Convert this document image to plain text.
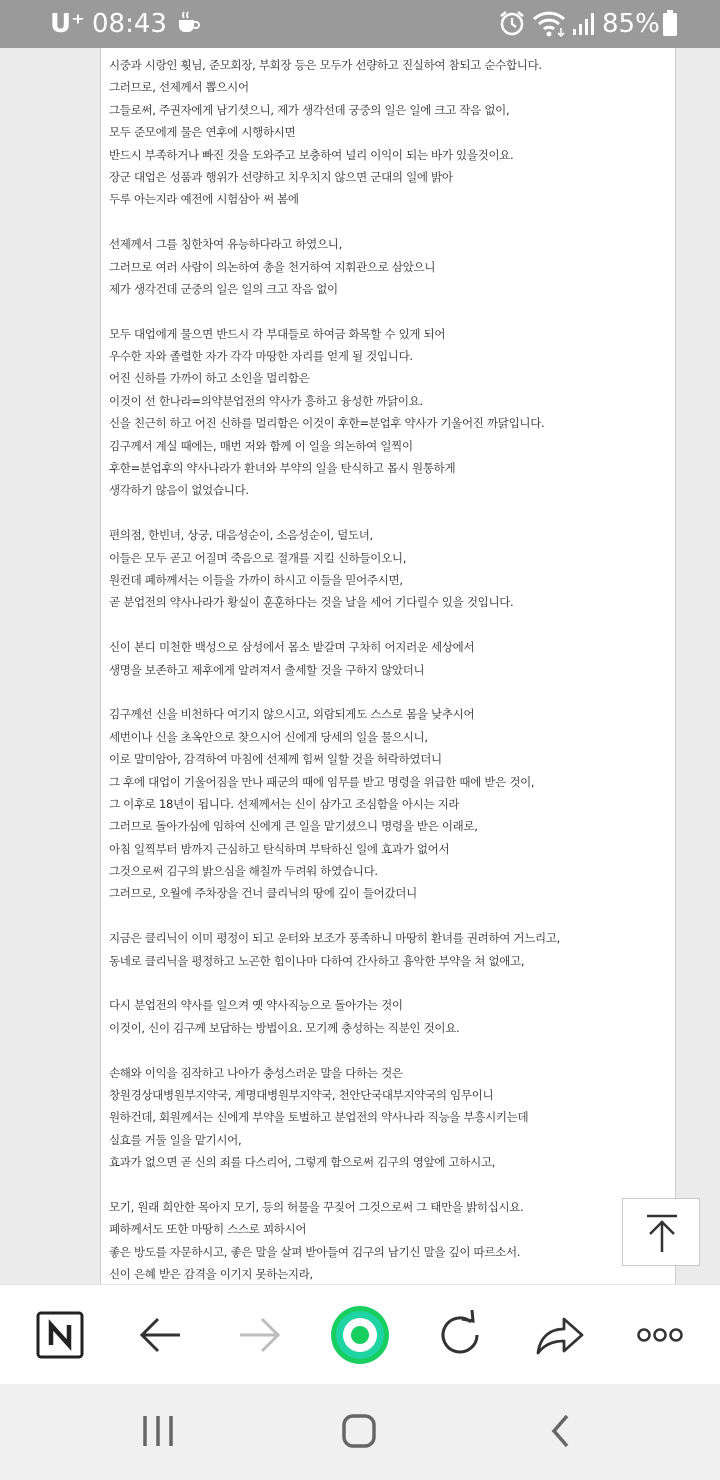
U⁺ 08:43	85%
시중과 시랑인 휫님, 준모회장, 부회장 등은 모두가 선량하고 진실하여 참되고 순수합니다.
그러므로, 선제께서 뽑으시어
그들로써, 주권자에게 남기셧으니, 제가 생각선데 궁중의 일은 일에 크고 작음 없이,
모두 준모에게 물은 연후에 시행하시면
반드시 부족하거나 빠진 것을 도와주고 보충하여 널리 이익이 되는 바가 있을것이요.
장군 대업은 성품과 행위가 선량하고 치우치지 않으면 군대의 일에 밝아
두루 아는지라 예전에 시험삼아 써 봄에
선제께서 그를 칭한차여 유능하다라고 하였으니,
그러므로 여러 사람이 의논하여 총을 천거하여 지휘관으로 삼았으니
제가 생각건데 군중의 일은 일의 크고 작음 없이
모두 대업에게 물으면 반드시 각 부대들로 하여금 화목할 수 있게 되어
우수한 자와 졸렬한 자가 각각 마땅한 자리를 얻게 될 것입니다.
어진 신하를 가까이 하고 소인을 멀리함은
이것이 선 한나라=의약분업전의 약사가 흥하고 융성한 까닭이요.
신을 친근히 하고 어진 신하를 멀리함은 이것이 후한=분업후 약사가 기울어진 까닭입니다.
김구께서 계실 때에는, 매번 저와 함께 이 일을 의논하여 일찍이
후한=분업후의 약사나라가 환녀와 부약의 일을 탄식하고 몹시 원통하게
생각하기 않음이 없었습니다.
편의점, 한빈녀, 상궁, 대음성순이, 소음성순이, 덜도녀,
이들은 모두 곧고 어질며 죽음으로 절개를 지킬 신하들이오니,
원컨데 폐하께서는 이들을 가까이 하시고 이들을 믿어주시면,
곧 분업전의 약사나라가 황실이 훈훈하다는 것을 날을 세어 기다릴수 있을 것입니다.
신이 본디 미천한 백성으로 삼성에서 몸소 밭갈며 구차히 어지러운 세상에서
생명을 보존하고 제후에게 알려져서 출세할 것을 구하지 않았더니
김구께선 신을 비천하다 여기지 않으시고, 외람되게도 스스로 몸을 낮추시어
세번이나 신을 초옥안으로 찾으시어 신에게 당세의 일을 물으시니,
이로 말미암아, 감격하여 마침에 선제께 힘써 일할 것을 허락하였더니
그 후에 대업이 기울어짐을 만나 패군의 때에 임무를 받고 명령을 위급한 때에 받은 것이,
그 이후로 18년이 됩니다. 선제께서는 신이 삼가고 조심함을 아시는 지라
그러므로 돌아가심에 임하여 신에게 큰 일을 맡기셨으니 명령을 받은 이래로,
아침 일찍부터 밤까지 근심하고 탄식하며 부탁하신 일에 효과가 없어서
그것으로써 김구의 밝으심을 해칠까 두려워 하였습니다.
그러므로, 오월에 주차장을 건너 클리닉의 땅에 깊이 들어갔더니
지금은 클리닉이 이미 평정이 되고 운터와 보조가 풍족하니 마땅히 환녀를 권려하여 거느리고,
동네로 클리닉을 평정하고 노곤한 힘이나마 다하여 간사하고 흉악한 부약을 쳐 없애고,
다시 분업전의 약사를 일으켜 옛 약사직능으로 돌아가는 것이
이것이, 신이 김구께 보답하는 방법이요. 모기께 충성하는 직분인 것이요.
손해와 이익을 짐작하고 나아가 충성스러운 말을 다하는 것은
창원경상대병원부지약국, 계명대병원부지약국, 천안단국대부지약국의 임무이니
원하건데, 회원께서는 신에게 부약을 토벌하고 분업전의 약사나라 직능을 부흥시키는데
실효를 거둘 일을 맡기시어,
효과가 없으면 곧 신의 죄를 다스리어, 그렇게 함으로써 김구의 영앞에 고하시고,
모기, 원래 희안한 목아지 모기, 등의 허물을 꾸짖어 그것으로써 그 태만을 밝히십시요.
폐하께서도 또한 마땅히 스스로 꾀하시어
좋은 방도를 자문하시고, 좋은 말을 살펴 받아들여 김구의 남기신 말을 깊이 따르소서.
신이 은혜 받은 감격을 이기지 못하는지라,
